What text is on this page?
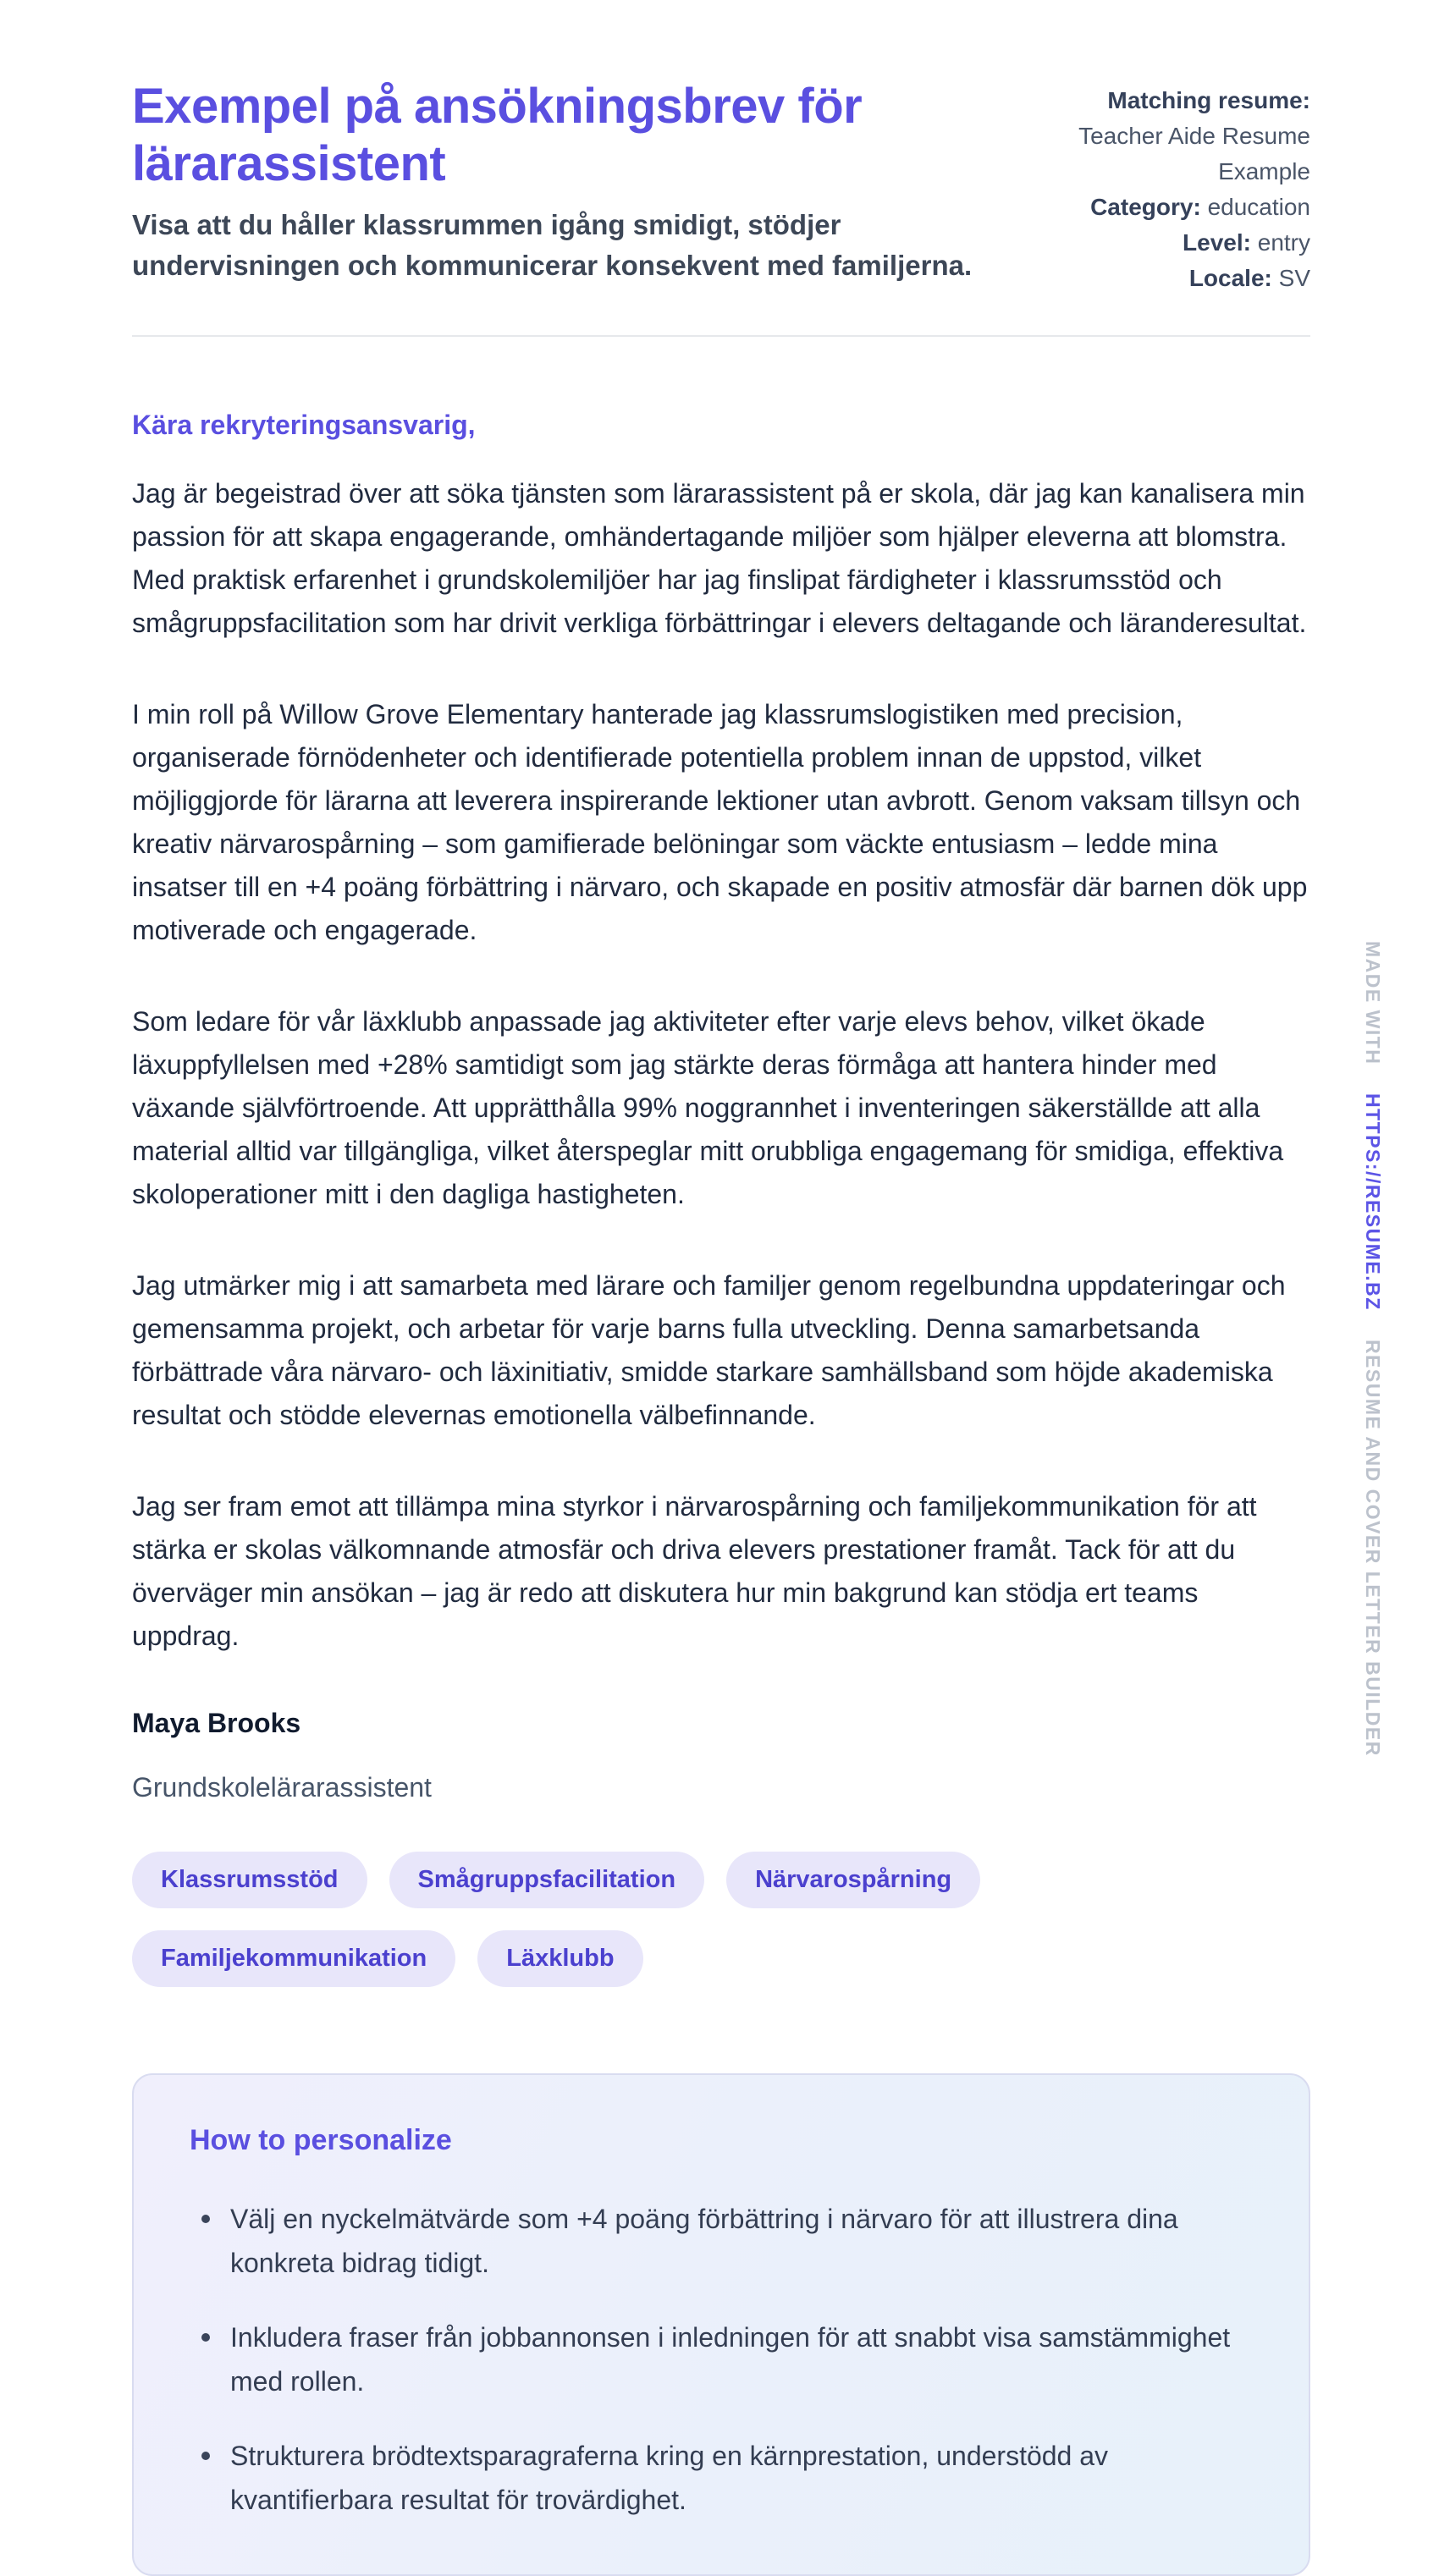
Exempel på ansökningsbrev för lärarassistent

Visa att du håller klassrummen igång smidigt, stödjer undervisningen och kommunicerar konsekvent med familjerna.

Matching resume: Teacher Aide Resume Example
Category: education
Level: entry
Locale: SV

Kära rekryteringsansvarig,

Jag är begeistrad över att söka tjänsten som lärarassistent på er skola, där jag kan kanalisera min passion för att skapa engagerande, omhändertagande miljöer som hjälper eleverna att blomstra. Med praktisk erfarenhet i grundskolemiljöer har jag finslipat färdigheter i klassrumsstöd och smågruppsfacilitation som har drivit verkliga förbättringar i elevers deltagande och läranderesultat.

I min roll på Willow Grove Elementary hanterade jag klassrumslogistiken med precision, organiserade förnödenheter och identifierade potentiella problem innan de uppstod, vilket möjliggjorde för lärarna att leverera inspirerande lektioner utan avbrott. Genom vaksam tillsyn och kreativ närvarospårning – som gamifierade belöningar som väckte entusiasm – ledde mina insatser till en +4 poäng förbättring i närvaro, och skapade en positiv atmosfär där barnen dök upp motiverade och engagerade.

Som ledare för vår läxklubb anpassade jag aktiviteter efter varje elevs behov, vilket ökade läxuppfyllelsen med +28% samtidigt som jag stärkte deras förmåga att hantera hinder med växande självförtroende. Att upprätthålla 99% noggrannhet i inventeringen säkerställde att alla material alltid var tillgängliga, vilket återspeglar mitt orubbliga engagemang för smidiga, effektiva skoloperationer mitt i den dagliga hastigheten.

Jag utmärker mig i att samarbeta med lärare och familjer genom regelbundna uppdateringar och gemensamma projekt, och arbetar för varje barns fulla utveckling. Denna samarbetsanda förbättrade våra närvaro- och läxinitiativ, smidde starkare samhällsband som höjde akademiska resultat och stödde elevernas emotionella välbefinnande.

Jag ser fram emot att tillämpa mina styrkor i närvarospårning och familjekommunikation för att stärka er skolas välkomnande atmosfär och driva elevers prestationer framåt. Tack för att du överväger min ansökan – jag är redo att diskutera hur min bakgrund kan stödja ert teams uppdrag.

Maya Brooks

Grundskolelärarassistent

Klassrumsstöd	Smågruppsfacilitation	Närvarospårning
Familjekommunikation	Läxklubb
How to personalize
Välj en nyckelmätvärde som +4 poäng förbättring i närvaro för att illustrera dina konkreta bidrag tidigt.
Inkludera fraser från jobbannonsen i inledningen för att snabbt visa samstämmighet med rollen.
Strukturera brödtextsparagraferna kring en kärnprestation, understödd av kvantifierbara resultat för trovärdighet.
MADE WITH HTTPS://RESUME.BZ RESUME AND COVER LETTER BUILDER
